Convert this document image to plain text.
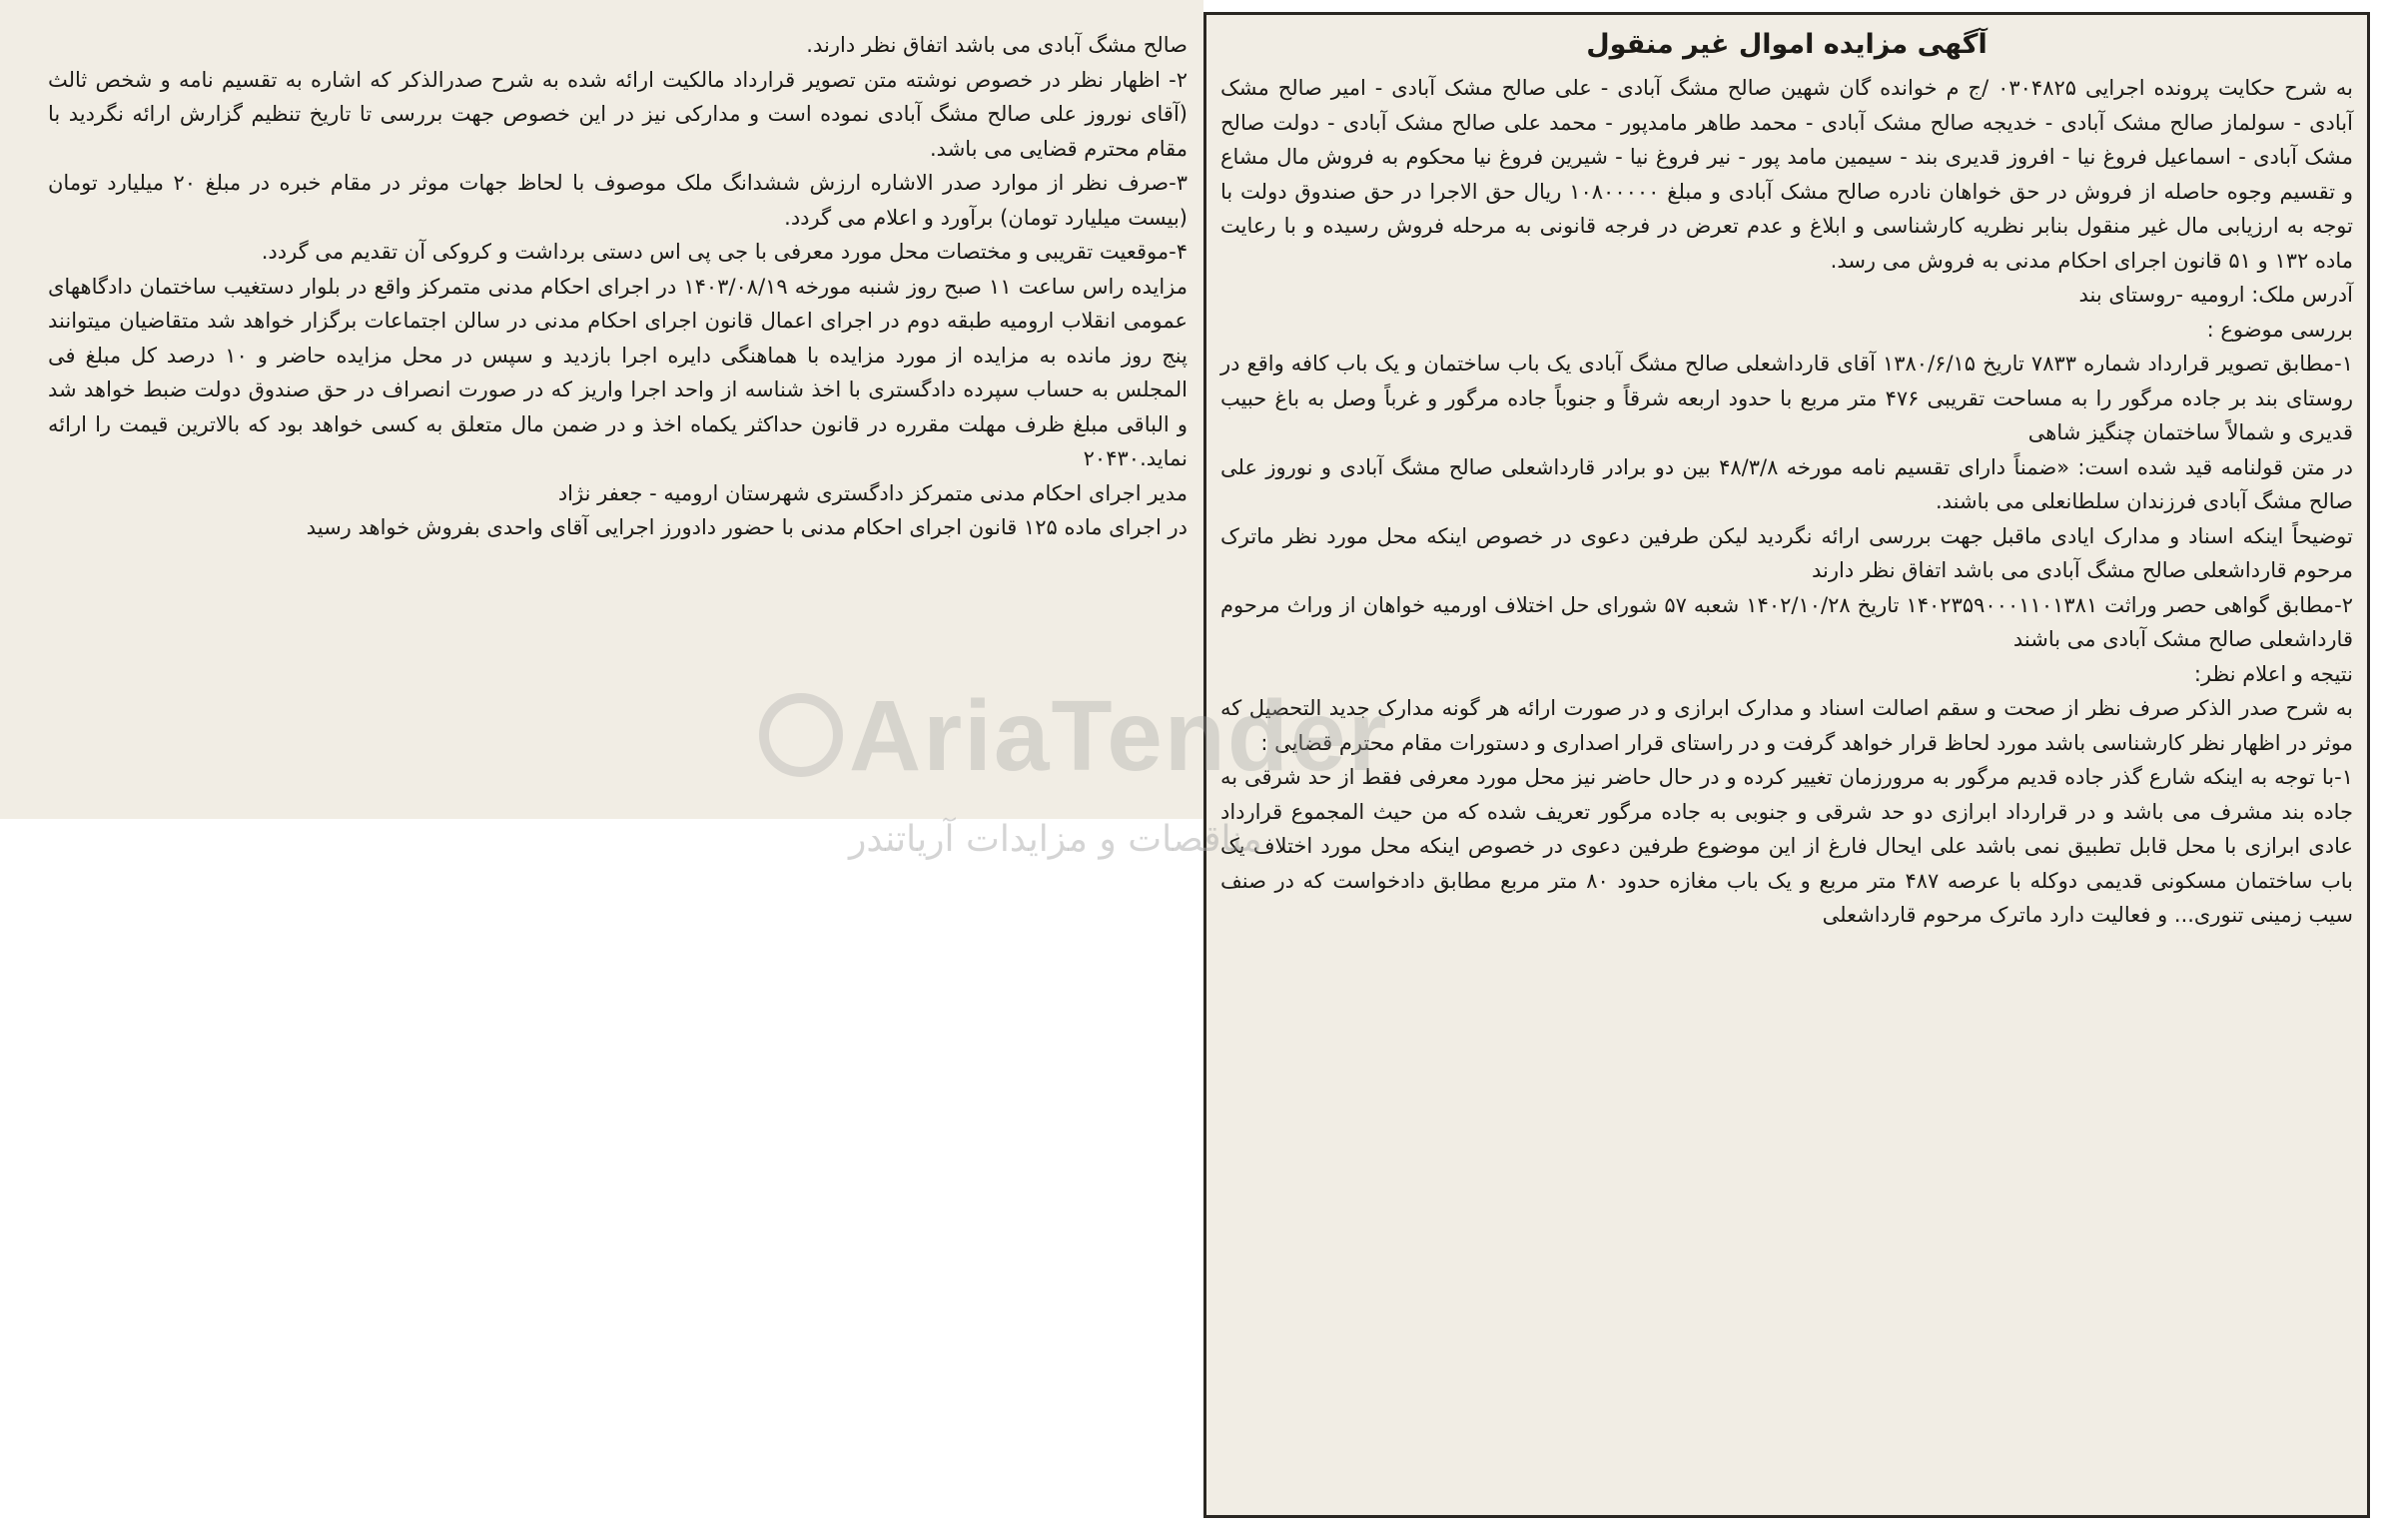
آگهی مزایده اموال غیر منقول

به شرح حکایت پرونده اجرایی ۰۳۰۴۸۲۵ /ج م خوانده گان شهین صالح مشگ آبادی - علی صالح مشک آبادی - امیر صالح مشک آبادی - سولماز صالح مشک آبادی - خدیجه صالح مشک آبادی - محمد طاهر مامدپور - محمد علی صالح مشک آبادی - دولت صالح مشک آبادی - اسماعیل فروغ نیا - افروز قدیری بند - سیمین مامد پور - نیر فروغ نیا - شیرین فروغ نیا محکوم به فروش مال مشاع و تقسیم وجوه حاصله از فروش در حق خواهان نادره صالح مشک آبادی و مبلغ ۱۰۸۰۰۰۰۰ ریال حق الاجرا در حق صندوق دولت با توجه به ارزیابی مال غیر منقول بنابر نظریه کارشناسی و ابلاغ و عدم تعرض در فرجه قانونی به مرحله فروش رسیده و با رعایت ماده ۱۳۲ و ۵۱ قانون اجرای احکام مدنی به فروش می رسد.

آدرس ملک: ارومیه -روستای بند

بررسی موضوع :

۱-مطابق تصویر قرارداد شماره ۷۸۳۳ تاریخ ۱۳۸۰/۶/۱۵ آقای قارداشعلی صالح مشگ آبادی یک باب ساختمان و یک باب کافه واقع در روستای بند بر جاده مرگور را به مساحت تقریبی ۴۷۶ متر مربع با حدود اربعه شرقاً و جنوباً جاده مرگور و غرباً وصل به باغ حبیب قدیری و شمالاً ساختمان چنگیز شاهی

در متن قولنامه قید شده است: «ضمناً دارای تقسیم نامه مورخه ۴۸/۳/۸ بین دو برادر قارداشعلی صالح مشگ آبادی و نوروز علی صالح مشگ آبادی فرزندان سلطانعلی می باشند.

توضیحاً اینکه اسناد و مدارک ایادی ماقبل جهت بررسی ارائه نگردید لیکن طرفین دعوی در خصوص اینکه محل مورد نظر ماترک مرحوم قارداشعلی صالح مشگ آبادی می باشد اتفاق نظر دارند

۲-مطابق گواهی حصر وراثت ۱۴۰۲۳۵۹۰۰۰۱۱۰۱۳۸۱ تاریخ ۱۴۰۲/۱۰/۲۸ شعبه ۵۷ شورای حل اختلاف اورمیه خواهان از وراث مرحوم قارداشعلی صالح مشک آبادی می باشند

نتیجه و اعلام نظر:

به شرح صدر الذکر صرف نظر از صحت و سقم اصالت اسناد و مدارک ابرازی و در صورت ارائه هر گونه مدارک جدید التحصیل که موثر در اظهار نظر کارشناسی باشد مورد لحاظ قرار خواهد گرفت و در راستای قرار اصداری و دستورات مقام محترم قضایی :

۱-با توجه به اینکه شارع گذر جاده قدیم مرگور به مرورزمان تغییر کرده و در حال حاضر نیز محل مورد معرفی فقط از حد شرقی به جاده بند مشرف می باشد و در قرارداد ابرازی دو حد شرقی و جنوبی به جاده مرگور تعریف شده که من حیث المجموع قرارداد عادی ابرازی با محل قابل تطبیق نمی باشد علی ایحال فارغ از این موضوع طرفین دعوی در خصوص اینکه محل مورد اختلاف یک باب ساختمان مسکونی قدیمی دوکله با عرصه ۴۸۷ متر مربع و یک باب مغازه حدود ۸۰ متر مربع مطابق دادخواست که در صنف سیب زمینی تنوری... و فعالیت دارد ماترک مرحوم قارداشعلی

صالح مشگ آبادی می باشد اتفاق نظر دارند.

۲- اظهار نظر در خصوص نوشته متن تصویر قرارداد مالکیت ارائه شده به شرح صدرالذکر که اشاره به تقسیم نامه و شخص ثالث (آقای نوروز علی صالح مشگ آبادی نموده است و مدارکی نیز در این خصوص جهت بررسی تا تاریخ تنظیم گزارش ارائه نگردید با مقام محترم قضایی می باشد.

۳-صرف نظر از موارد صدر الاشاره ارزش ششدانگ ملک موصوف با لحاظ جهات موثر در مقام خبره در مبلغ ۲۰ میلیارد تومان (بیست میلیارد تومان) برآورد و اعلام می گردد.

۴-موقعیت تقریبی و مختصات محل مورد معرفی با جی پی اس دستی برداشت و کروکی آن تقدیم می گردد.

مزایده راس ساعت ۱۱ صبح روز شنبه مورخه ۱۴۰۳/۰۸/۱۹ در اجرای احکام مدنی متمرکز واقع در بلوار دستغیب ساختمان دادگاههای عمومی انقلاب ارومیه طبقه دوم در اجرای اعمال قانون اجرای احکام مدنی در سالن اجتماعات برگزار خواهد شد متقاضیان میتوانند پنج روز مانده به مزایده از مورد مزایده با هماهنگی دایره اجرا بازدید و سپس در محل مزایده حاضر و ۱۰ درصد کل مبلغ فی المجلس به حساب سپرده دادگستری با اخذ شناسه از واحد اجرا واریز که در صورت انصراف در حق صندوق دولت ضبط خواهد شد و الباقی مبلغ ظرف مهلت مقرره در قانون حداکثر یکماه اخذ و در ضمن مال متعلق به کسی خواهد بود که بالاترین قیمت را ارائه نماید.۲۰۴۳۰

مدیر اجرای احکام مدنی متمرکز دادگستری شهرستان ارومیه - جعفر نژاد

در اجرای ماده ۱۲۵ قانون اجرای احکام مدنی با حضور دادورز اجرایی آقای واحدی بفروش خواهد رسید

AriaTender
مناقصات و مزایدات آریاتندر
